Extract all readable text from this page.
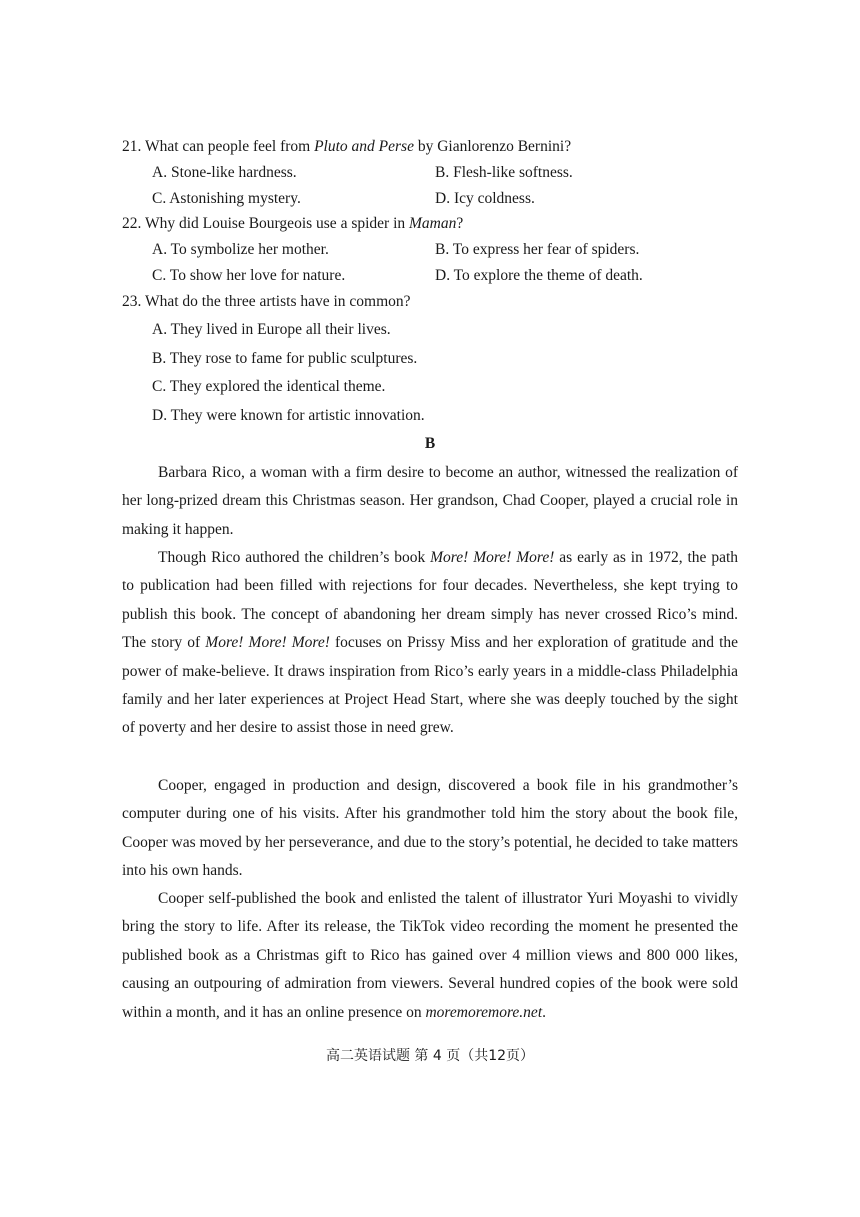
21. What can people feel from Pluto and Perse by Gianlorenzo Bernini?
A. Stone-like hardness.	B. Flesh-like softness.
C. Astonishing mystery.	D. Icy coldness.
22. Why did Louise Bourgeois use a spider in Maman?
A. To symbolize her mother.	B. To express her fear of spiders.
C. To show her love for nature.	D. To explore the theme of death.
23. What do the three artists have in common?
A. They lived in Europe all their lives.
B. They rose to fame for public sculptures.
C. They explored the identical theme.
D. They were known for artistic innovation.
B

Barbara Rico, a woman with a firm desire to become an author, witnessed the realization of her long-prized dream this Christmas season. Her grandson, Chad Cooper, played a crucial role in making it happen.

Though Rico authored the children’s book More! More! More! as early as in 1972, the path to publication had been filled with rejections for four decades. Nevertheless, she kept trying to publish this book. The concept of abandoning her dream simply has never crossed Rico’s mind. The story of More! More! More! focuses on Prissy Miss and her exploration of gratitude and the power of make-believe. It draws inspiration from Rico’s early years in a middle-class Philadelphia family and her later experiences at Project Head Start, where she was deeply touched by the sight of poverty and her desire to assist those in need grew.

Cooper, engaged in production and design, discovered a book file in his grandmother’s computer during one of his visits. After his grandmother told him the story about the book file, Cooper was moved by her perseverance, and due to the story’s potential, he decided to take matters into his own hands.

Cooper self-published the book and enlisted the talent of illustrator Yuri Moyashi to vividly bring the story to life. After its release, the TikTok video recording the moment he presented the published book as a Christmas gift to Rico has gained over 4 million views and 800 000 likes, causing an outpouring of admiration from viewers. Several hundred copies of the book were sold within a month, and it has an online presence on moremoremore.net.

高二英语试题 第 4 页（共12页）
